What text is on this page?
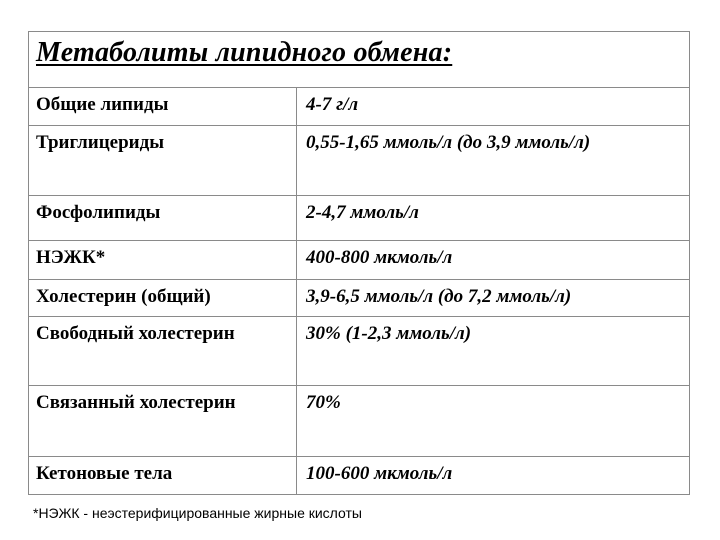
Метаболиты липидного обмена:	
Общие липиды	4-7 г/л
Триглицериды	0,55-1,65 ммоль/л (до 3,9 ммоль/л)
Фосфолипиды	2-4,7 ммоль/л
НЭЖК*	400-800 мкмоль/л
Холестерин (общий)	3,9-6,5 ммоль/л (до 7,2 ммоль/л)
Свободный холестерин	30% (1-2,3 ммоль/л)
Связанный холестерин	70%
Кетоновые тела	100-600 мкмоль/л
*НЭЖК - неэстерифицированные жирные кислоты
